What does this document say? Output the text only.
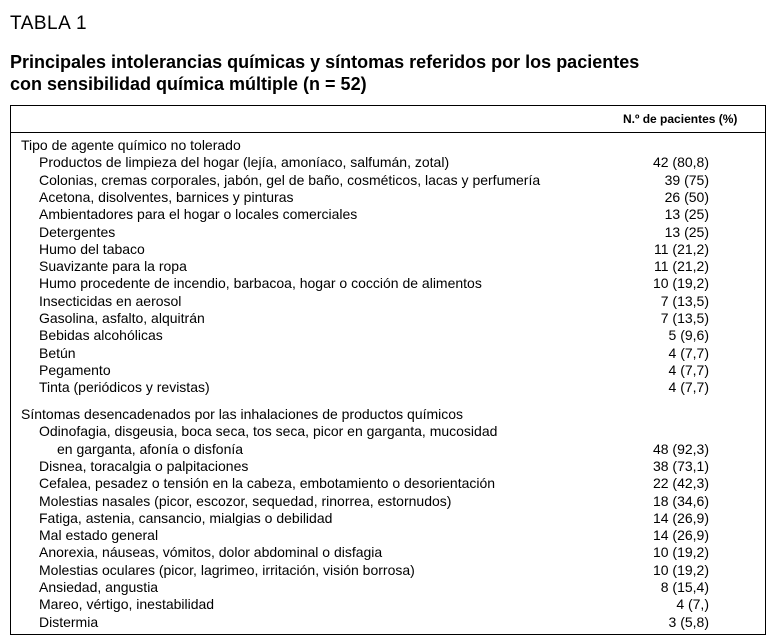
TABLA 1
Principales intolerancias químicas y síntomas referidos por los pacientes
con sensibilidad química múltiple (n = 52)
N.º de pacientes (%)
Tipo de agente químico no tolerado
Productos de limpieza del hogar (lejía, amoníaco, salfumán, zotal)	42 (80,8)
Colonias, cremas corporales, jabón, gel de baño, cosméticos, lacas y perfumería	39 (75)
Acetona, disolventes, barnices y pinturas	26 (50)
Ambientadores para el hogar o locales comerciales	13 (25)
Detergentes	13 (25)
Humo del tabaco	11 (21,2)
Suavizante para la ropa	11 (21,2)
Humo procedente de incendio, barbacoa, hogar o cocción de alimentos	10 (19,2)
Insecticidas en aerosol	7 (13,5)
Gasolina, asfalto, alquitrán	7 (13,5)
Bebidas alcohólicas	5 (9,6)
Betún	4 (7,7)
Pegamento	4 (7,7)
Tinta (periódicos y revistas)	4 (7,7)
Síntomas desencadenados por las inhalaciones de productos químicos
Odinofagia, disgeusia, boca seca, tos seca, picor en garganta, mucosidad
en garganta, afonía o disfonía	48 (92,3)
Disnea, toracalgia o palpitaciones	38 (73,1)
Cefalea, pesadez o tensión en la cabeza, embotamiento o desorientación	22 (42,3)
Molestias nasales (picor, escozor, sequedad, rinorrea, estornudos)	18 (34,6)
Fatiga, astenia, cansancio, mialgias o debilidad	14 (26,9)
Mal estado general	14 (26,9)
Anorexia, náuseas, vómitos, dolor abdominal o disfagia	10 (19,2)
Molestias oculares (picor, lagrimeo, irritación, visión borrosa)	10 (19,2)
Ansiedad, angustia	8 (15,4)
Mareo, vértigo, inestabilidad	4 (7,)
Distermia	3 (5,8)
